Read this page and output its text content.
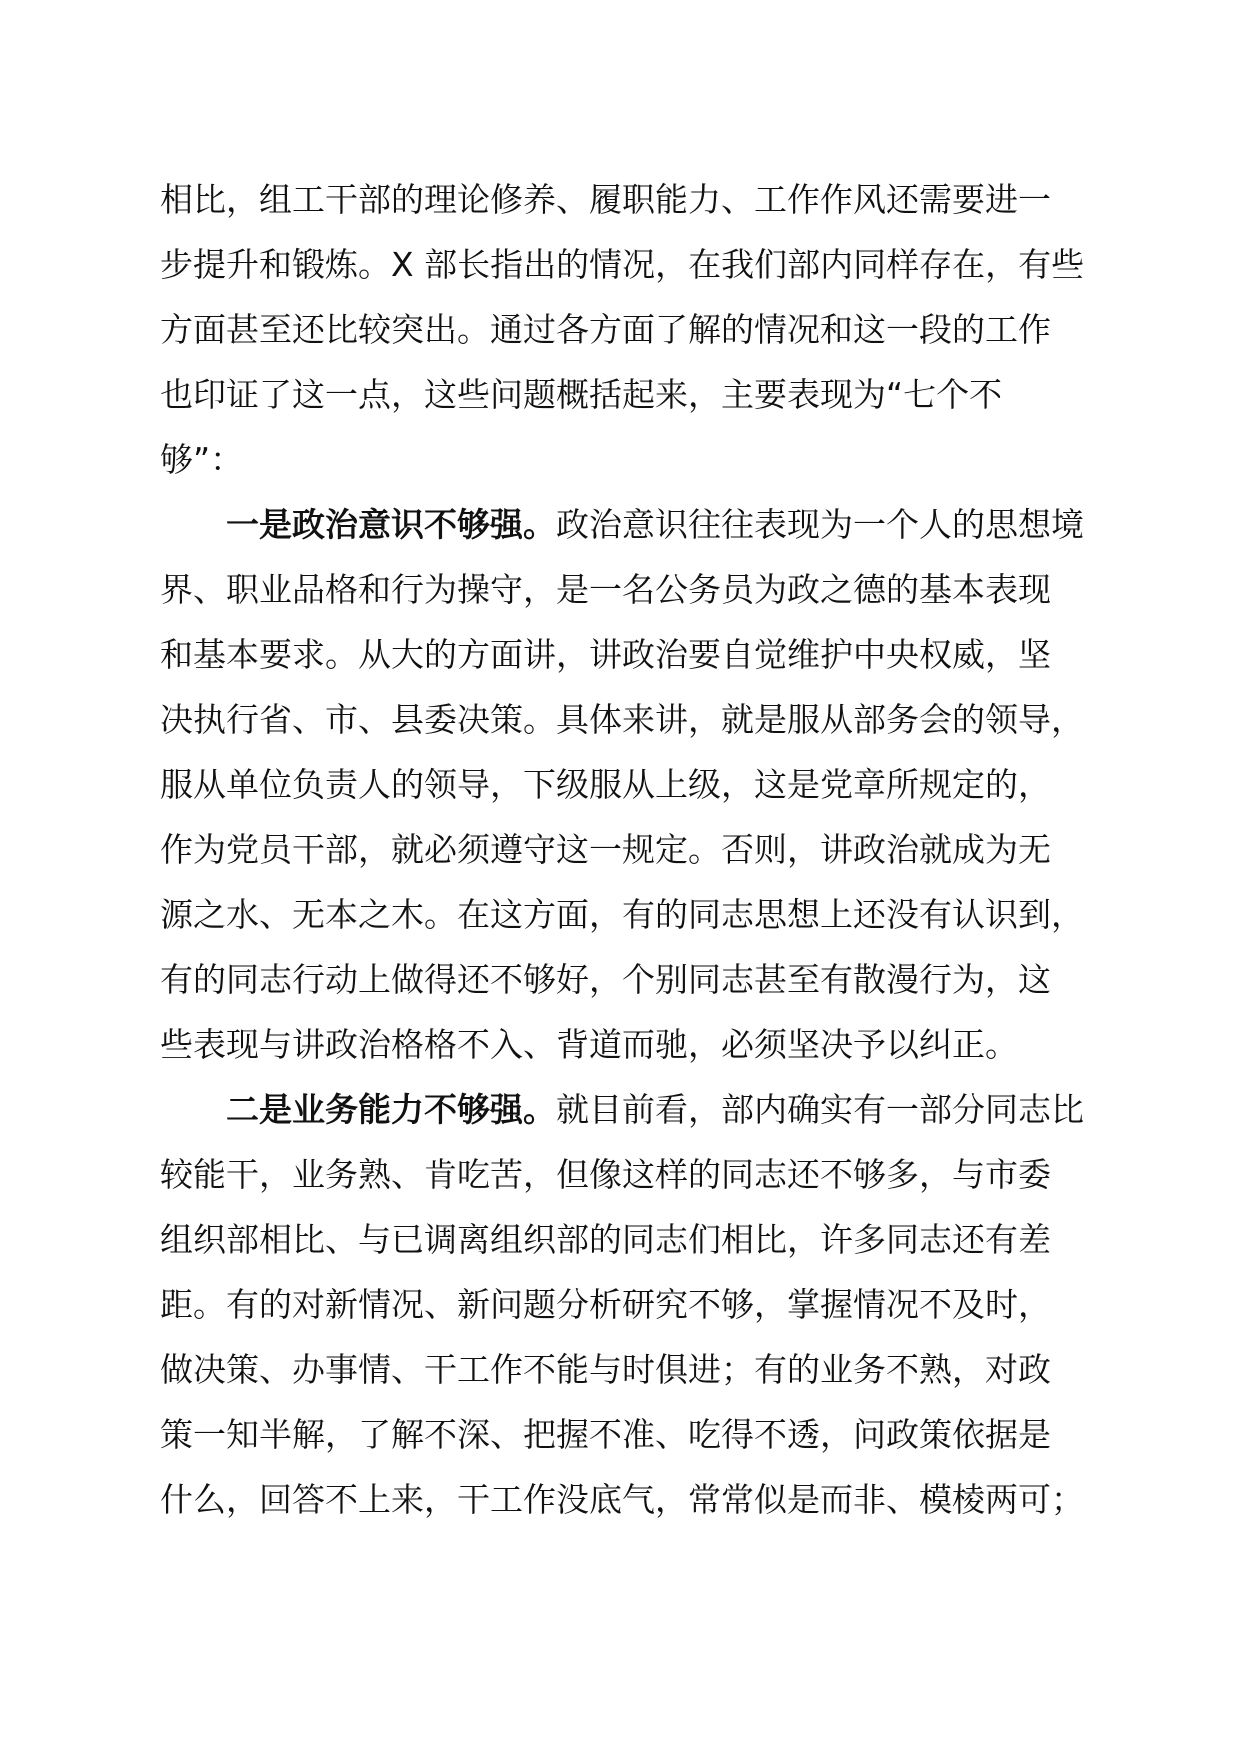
相比，组工干部的理论修养、履职能力、工作作风还需要进一
步提升和锻炼。X 部长指出的情况，在我们部内同样存在，有些
方面甚至还比较突出。通过各方面了解的情况和这一段的工作
也印证了这一点，这些问题概括起来，主要表现为“七个不
够”：
一是政治意识不够强。政治意识往往表现为一个人的思想境
界、职业品格和行为操守，是一名公务员为政之德的基本表现
和基本要求。从大的方面讲，讲政治要自觉维护中央权威，坚
决执行省、市、县委决策。具体来讲，就是服从部务会的领导，
服从单位负责人的领导，下级服从上级，这是党章所规定的，
作为党员干部，就必须遵守这一规定。否则，讲政治就成为无
源之水、无本之木。在这方面，有的同志思想上还没有认识到，
有的同志行动上做得还不够好，个别同志甚至有散漫行为，这
些表现与讲政治格格不入、背道而驰，必须坚决予以纠正。
二是业务能力不够强。就目前看，部内确实有一部分同志比
较能干，业务熟、肯吃苦，但像这样的同志还不够多，与市委
组织部相比、与已调离组织部的同志们相比，许多同志还有差
距。有的对新情况、新问题分析研究不够，掌握情况不及时，
做决策、办事情、干工作不能与时俱进；有的业务不熟，对政
策一知半解，了解不深、把握不准、吃得不透，问政策依据是
什么，回答不上来，干工作没底气，常常似是而非、模棱两可；
